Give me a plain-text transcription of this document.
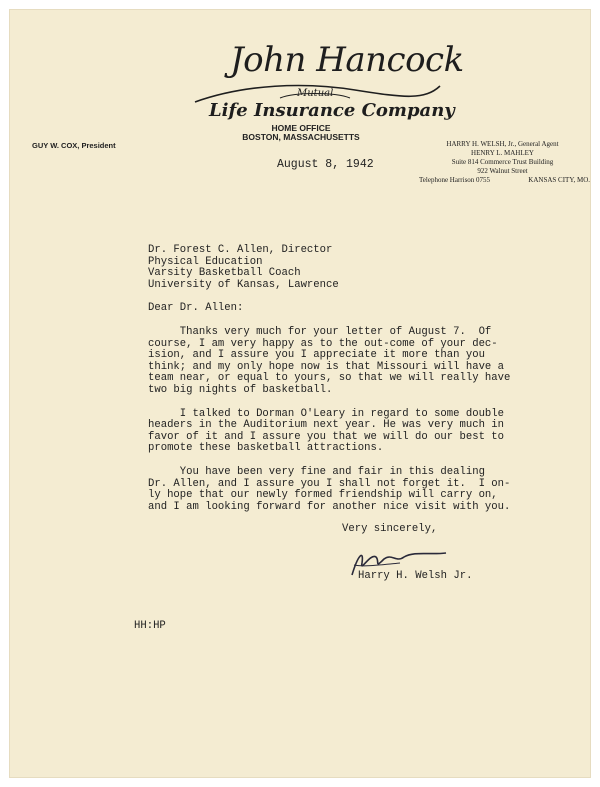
John Hancock
Mutual
Life Insurance Company
HOME OFFICE
BOSTON, MASSACHUSETTS
GUY W. COX, President	HARRY H. WELSH, Jr., General Agent
HENRY L. MAHLEY
Suite 814 Commerce Trust Building
922 Walnut Street
Telephone Harrison 0755	KANSAS CITY, MO.
August 8, 1942
Dr. Forest C. Allen, Director
Physical Education
Varsity Basketball Coach
University of Kansas, Lawrence
Dear Dr. Allen:
Thanks very much for your letter of August 7.  Of
course, I am very happy as to the out-come of your dec-
ision, and I assure you I appreciate it more than you
think; and my only hope now is that Missouri will have a
team near, or equal to yours, so that we will really have
two big nights of basketball.
I talked to Dorman O'Leary in regard to some double
headers in the Auditorium next year. He was very much in
favor of it and I assure you that we will do our best to
promote these basketball attractions.
You have been very fine and fair in this dealing
Dr. Allen, and I assure you I shall not forget it.  I on-
ly hope that our newly formed friendship will carry on,
and I am looking forward for another nice visit with you.
Very sincerely,
Harry H. Welsh Jr.
HH:HP
